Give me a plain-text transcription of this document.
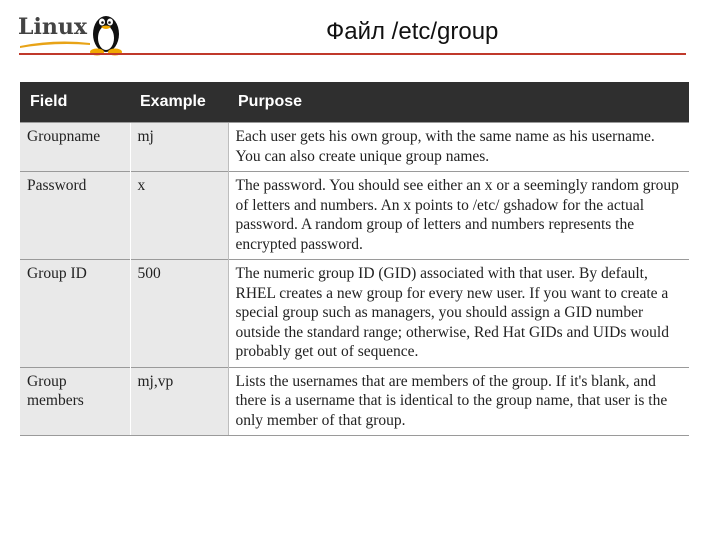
Linux	Файл /etc/group
Field	Example	Purpose
Groupname	mj	Each user gets his own group, with the same name as his username. You can also create unique group names.
Password	x	The password. You should see either an x or a seemingly random group of letters and numbers. An x points to /etc/ gshadow for the actual password. A random group of letters and numbers represents the encrypted password.
Group ID	500	The numeric group ID (GID) associated with that user. By default, RHEL creates a new group for every new user. If you want to create a special group such as managers, you should assign a GID number outside the standard range; otherwise, Red Hat GIDs and UIDs would probably get out of sequence.
Group members	mj,vp	Lists the usernames that are members of the group. If it's blank, and there is a username that is identical to the group name, that user is the only member of that group.
